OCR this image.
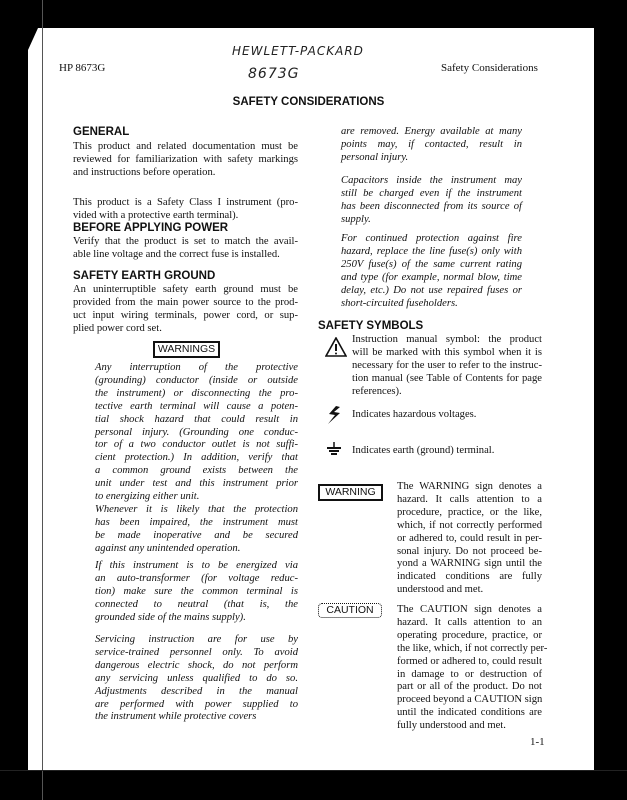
HP 8673G
HEWLETT-PACKARD
8673G	Safety Considerations
SAFETY CONSIDERATIONS
GENERAL
This product and related documentation must be
reviewed for familiarization with safety markings
and instructions before operation.
This product is a Safety Class I instrument (pro-
vided with a protective earth terminal).
BEFORE APPLYING POWER
Verify that the product is set to match the avail-
able line voltage and the correct fuse is installed.
SAFETY EARTH GROUND
An uninterruptible safety earth ground must be
provided from the main power source to the prod-
uct input wiring terminals, power cord, or sup-
plied power cord set.
WARNINGS
Any interruption of the protective
(grounding) conductor (inside or outside
the instrument) or disconnecting the pro-
tective earth terminal will cause a poten-
tial shock hazard that could result in
personal injury. (Grounding one conduc-
tor of a two conductor outlet is not suffi-
cient protection.) In addition, verify that
a common ground exists between the
unit under test and this instrument prior
to energizing either unit.
Whenever it is likely that the protection
has been impaired, the instrument must
be made inoperative and be secured
against any unintended operation.
If this instrument is to be energized via
an auto-transformer (for voltage reduc-
tion) make sure the common terminal is
connected to neutral (that is, the
grounded side of the mains supply).
Servicing instruction are for use by
service-trained personnel only. To avoid
dangerous electric shock, do not perform
any servicing unless qualified to do so.
Adjustments described in the manual
are performed with power supplied to
the instrument while protective covers
are removed. Energy available at many
points may, if contacted, result in
personal injury.
Capacitors inside the instrument may
still be charged even if the instrument
has been disconnected from its source of
supply.
For continued protection against fire
hazard, replace the line fuse(s) only with
250V fuse(s) of the same current rating
and type (for example, normal blow, time
delay, etc.) Do not use repaired fuses or
short-circuited fuseholders.
SAFETY SYMBOLS
Instruction manual symbol: the product
will be marked with this symbol when it is
necessary for the user to refer to the instruc-
tion manual (see Table of Contents for page
references).
Indicates hazardous voltages.
Indicates earth (ground) terminal.
WARNING	The WARNING sign denotes a
hazard. It calls attention to a
procedure, practice, or the like,
which, if not correctly performed
or adhered to, could result in per-
sonal injury. Do not proceed be-
yond a WARNING sign until the
indicated conditions are fully
understood and met.
CAUTION	The CAUTION sign denotes a
hazard. It calls attention to an
operating procedure, practice, or
the like, which, if not correctly per-
formed or adhered to, could result
in damage to or destruction of
part or all of the product. Do not
proceed beyond a CAUTION sign
until the indicated conditions are
fully understood and met.
1-1
